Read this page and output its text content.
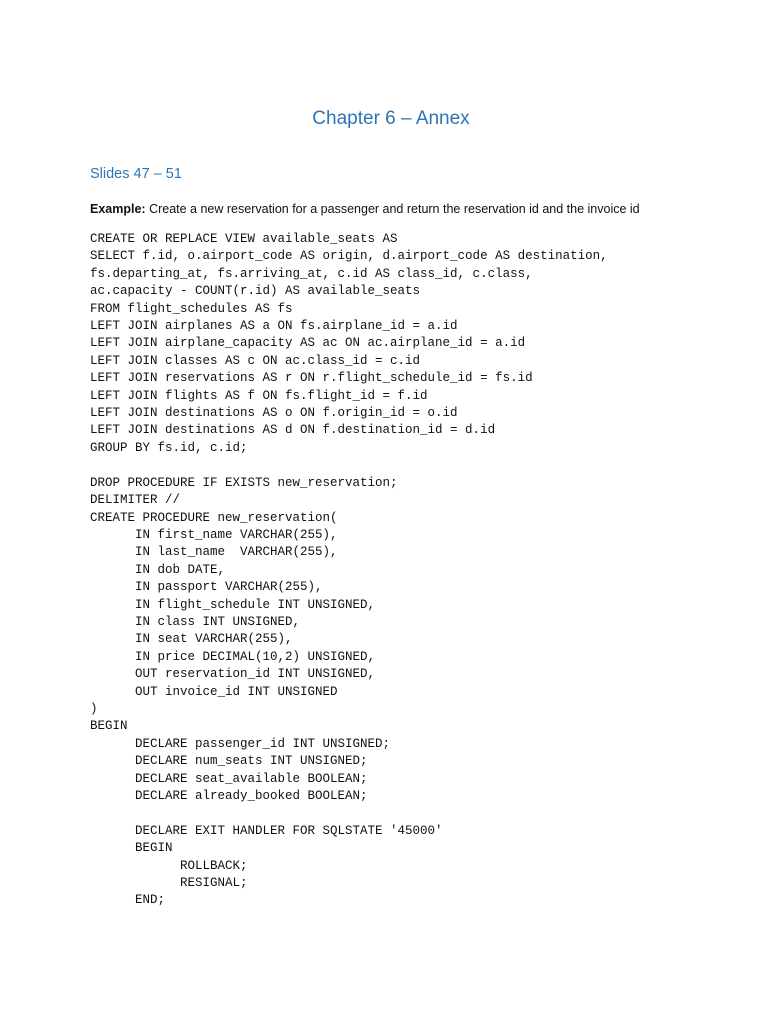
Chapter 6 – Annex
Slides 47 – 51

Example: Create a new reservation for a passenger and return the reservation id and the invoice id

CREATE OR REPLACE VIEW available_seats AS
SELECT f.id, o.airport_code AS origin, d.airport_code AS destination,
fs.departing_at, fs.arriving_at, c.id AS class_id, c.class,
ac.capacity - COUNT(r.id) AS available_seats
FROM flight_schedules AS fs
LEFT JOIN airplanes AS a ON fs.airplane_id = a.id
LEFT JOIN airplane_capacity AS ac ON ac.airplane_id = a.id
LEFT JOIN classes AS c ON ac.class_id = c.id
LEFT JOIN reservations AS r ON r.flight_schedule_id = fs.id
LEFT JOIN flights AS f ON fs.flight_id = f.id
LEFT JOIN destinations AS o ON f.origin_id = o.id
LEFT JOIN destinations AS d ON f.destination_id = d.id
GROUP BY fs.id, c.id;

DROP PROCEDURE IF EXISTS new_reservation;
DELIMITER //
CREATE PROCEDURE new_reservation(
IN first_name VARCHAR(255),
IN last_name  VARCHAR(255),
IN dob DATE,
IN passport VARCHAR(255),
IN flight_schedule INT UNSIGNED,
IN class INT UNSIGNED,
IN seat VARCHAR(255),
IN price DECIMAL(10,2) UNSIGNED,
OUT reservation_id INT UNSIGNED,
OUT invoice_id INT UNSIGNED
)
BEGIN
DECLARE passenger_id INT UNSIGNED;
DECLARE num_seats INT UNSIGNED;
DECLARE seat_available BOOLEAN;
DECLARE already_booked BOOLEAN;

DECLARE EXIT HANDLER FOR SQLSTATE '45000'
BEGIN
ROLLBACK;
RESIGNAL;
END;
